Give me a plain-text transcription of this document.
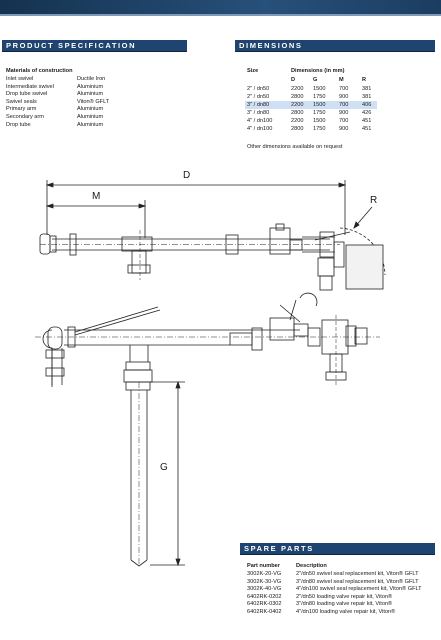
PRODUCT SPECIFICATION
Materials of construction
Inlet swivel	Ductile Iron
Intermediate swivel	Aluminium
Drop tube swivel	Aluminium
Swivel seals	Viton® GFLT
Primary arm	Aluminium
Secondary arm	Aluminium
Drop tube	Aluminium
DIMENSIONS
Size	Dimensions (in mm)
D	G	M	R
2" / dn50	2200 1500 700 381
2" / dn50	2800 1750 900 381
3" / dn80	2200 1500 700 406
3" / dn80	2800 1750 900 426
4" / dn100	2200 1500 700 451
4" / dn100	2800 1750 900 451
Other dimensions available on request
D
M	R
G
SPARE PARTS
Part number	Description
3002K-20-VG	2"/dn50 swivel seal replacement kit, Viton® GFLT
3002K-30-VG	3"/dn80 swivel seal replacement kit, Viton® GFLT
3002K-40-VG	4"/dn100 swivel seal replacement kit, Viton® GFLT
6402RK-0202	2"/dn50 loading valve repair kit, Viton®
6402RK-0302	3"/dn80 loading valve repair kit, Viton®
6402RK-0402	4"/dn100 loading valve repair kit, Viton®
